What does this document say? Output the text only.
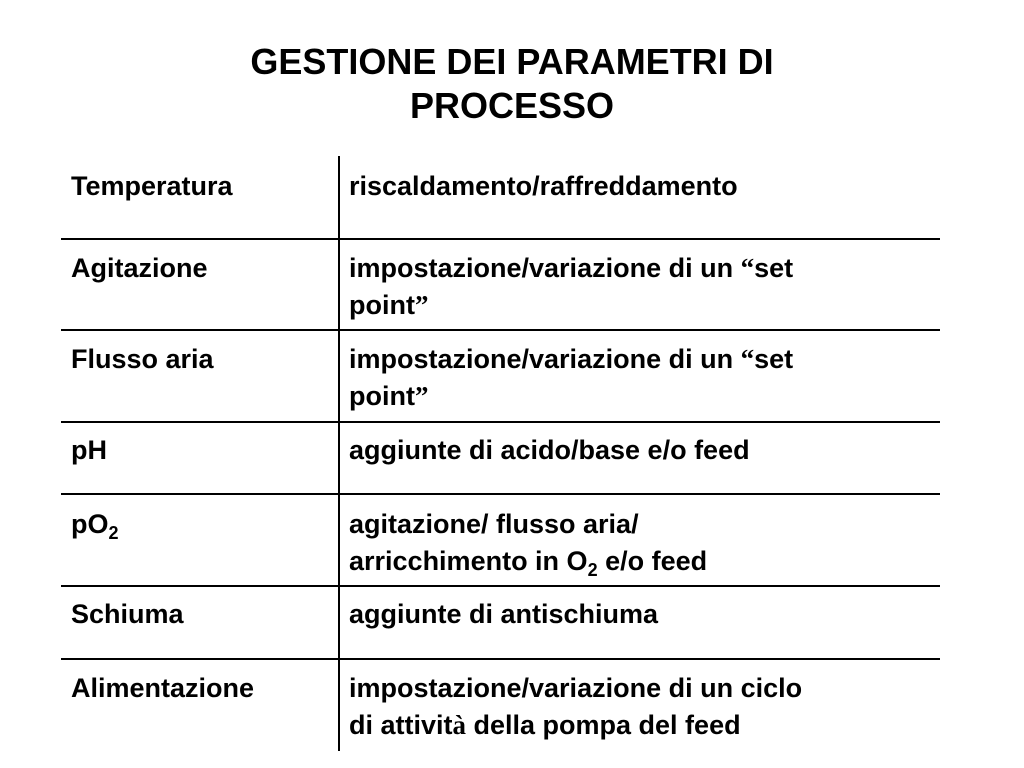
GESTIONE DEI PARAMETRI DI
PROCESSO
Temperatura	riscaldamento/raffreddamento
Agitazione	impostazione/variazione di un “set
point”
Flusso aria	impostazione/variazione di un “set
point”
pH	aggiunte di acido/base e/o feed
$pO_2$	agitazione/ flusso aria/
arricchimento in $O_2$ e/o feed
Schiuma	aggiunte di antischiuma
Alimentazione	impostazione/variazione di un ciclo
di attività della pompa del feed
